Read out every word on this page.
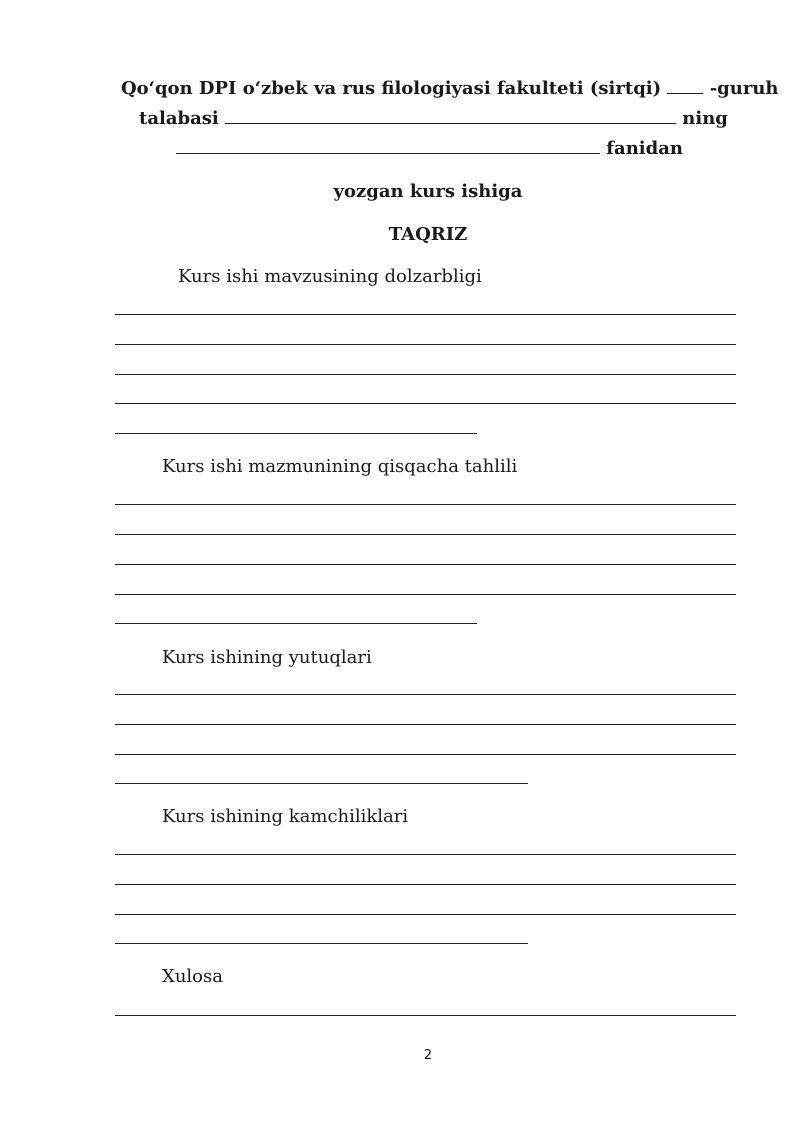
Qo‘qon DPI o‘zbek va rus filologiyasi fakulteti (sirtqi)	-guruh
talabasi	ning
fanidan
yozgan kurs ishiga
TAQRIZ
Kurs ishi mavzusining dolzarbligi
Kurs ishi mazmunining qisqacha tahlili
Kurs ishining yutuqlari
Kurs ishining kamchiliklari
Xulosa
2
